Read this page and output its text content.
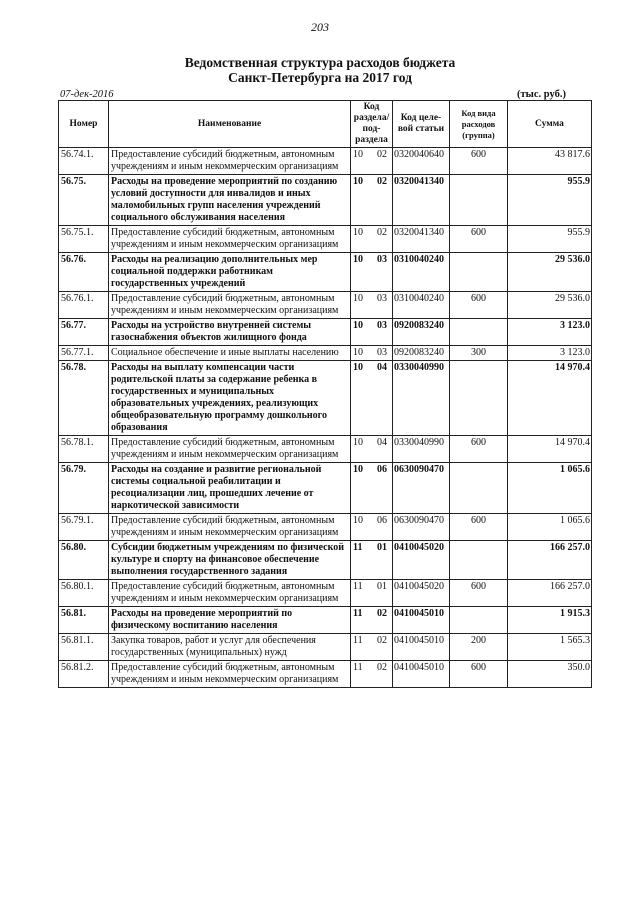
203
Ведомственная структура расходов бюджета
Санкт-Петербурга на 2017 год
07-дек-2016	(тыс. руб.)
Номер	Наименование	Код раздела/ под-раздела	Код целе-вой статьи	Код вида расходов (группа)	Сумма
56.74.1.	Предоставление субсидий бюджетным, автономным учреждениям и иным некоммерческим организациям	10 02	0320040640	600	43 817.6
56.75.	Расходы на проведение мероприятий по созданию условий доступности для инвалидов и иных маломобильных групп населения учреждений социального обслуживания населения	10 02	0320041340		955.9
56.75.1.	Предоставление субсидий бюджетным, автономным учреждениям и иным некоммерческим организациям	10 02	0320041340	600	955.9
56.76.	Расходы на реализацию дополнительных мер социальной поддержки работникам государственных учреждений	10 03	0310040240		29 536.0
56.76.1.	Предоставление субсидий бюджетным, автономным учреждениям и иным некоммерческим организациям	10 03	0310040240	600	29 536.0
56.77.	Расходы на устройство внутренней системы газоснабжения объектов жилищного фонда	10 03	0920083240		3 123.0
56.77.1.	Социальное обеспечение и иные выплаты населению	10 03	0920083240	300	3 123.0
56.78.	Расходы на выплату компенсации части родительской платы за содержание ребенка в государственных и муниципальных образовательных учреждениях, реализующих общеобразовательную программу дошкольного образования	10 04	0330040990		14 970.4
56.78.1.	Предоставление субсидий бюджетным, автономным учреждениям и иным некоммерческим организациям	10 04	0330040990	600	14 970.4
56.79.	Расходы на создание и развитие региональной системы социальной реабилитации и ресоциализации лиц, прошедших лечение от наркотической зависимости	10 06	0630090470		1 065.6
56.79.1.	Предоставление субсидий бюджетным, автономным учреждениям и иным некоммерческим организациям	10 06	0630090470	600	1 065.6
56.80.	Субсидии бюджетным учреждениям по физической культуре и спорту на финансовое обеспечение выполнения государственного задания	11 01	0410045020		166 257.0
56.80.1.	Предоставление субсидий бюджетным, автономным учреждениям и иным некоммерческим организациям	11 01	0410045020	600	166 257.0
56.81.	Расходы на проведение мероприятий по физическому воспитанию населения	11 02	0410045010		1 915.3
56.81.1.	Закупка товаров, работ и услуг для обеспечения государственных (муниципальных) нужд	11 02	0410045010	200	1 565.3
56.81.2.	Предоставление субсидий бюджетным, автономным учреждениям и иным некоммерческим организациям	11 02	0410045010	600	350.0
